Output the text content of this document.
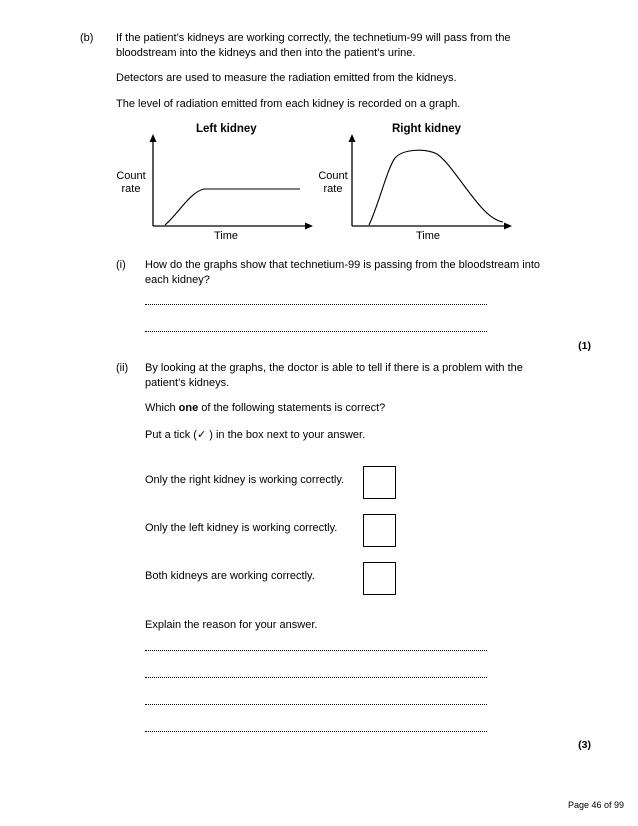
(b) If the patient’s kidneys are working correctly, the technetium-99 will pass from the
bloodstream into the kidneys and then into the patient’s urine.
Detectors are used to measure the radiation emitted from the kidneys.
The level of radiation emitted from each kidney is recorded on a graph.
Left kidney
Count
rate
Time
Right kidney
Count
rate
Time
(i) How do the graphs show that technetium-99 is passing from the bloodstream into
each kidney?
(1)
(ii) By looking at the graphs, the doctor is able to tell if there is a problem with the
patient’s kidneys.
Which one of the following statements is correct?
Put a tick (✓ ) in the box next to your answer.
Only the right kidney is working correctly.
Only the left kidney is working correctly.
Both kidneys are working correctly.
Explain the reason for your answer.
(3)
Page 46 of 99
